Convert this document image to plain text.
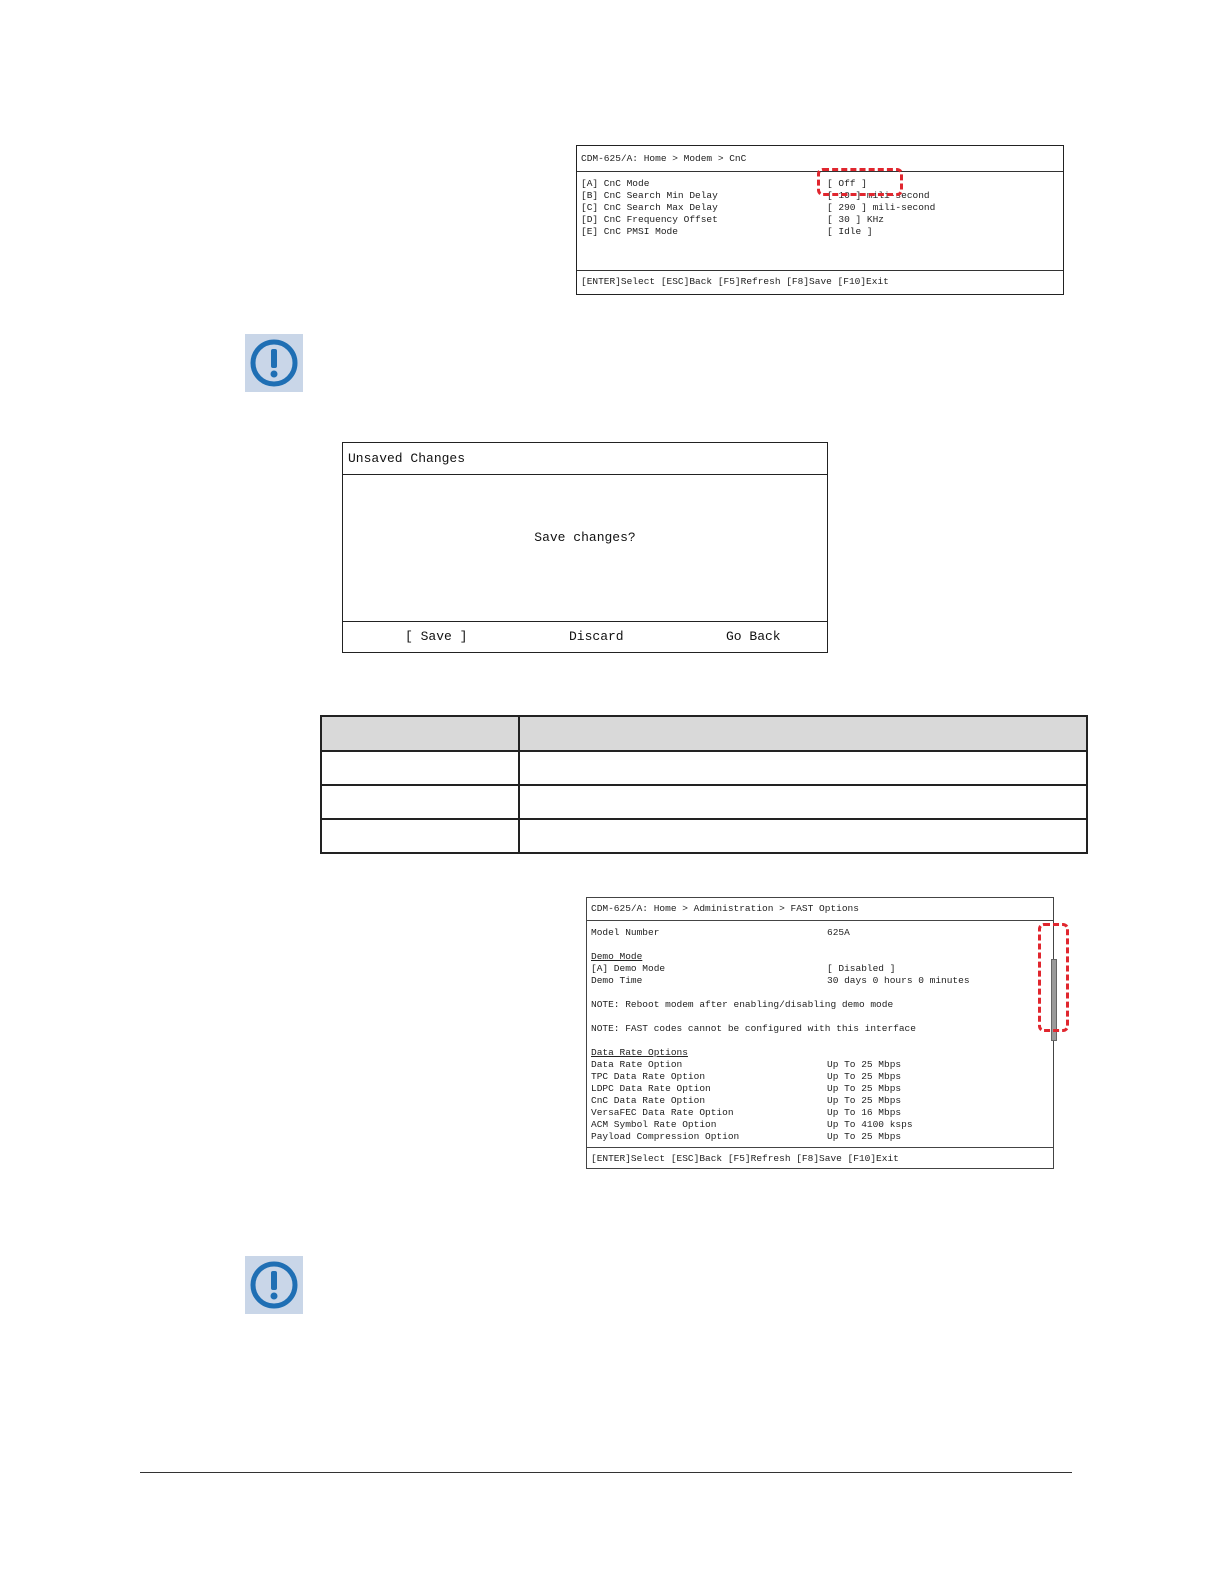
CDM-625/A: Home > Modem > CnC
[A] CnC Mode	[ Off ]
[B] CnC Search Min Delay	[ 10 ] mili-second
[C] CnC Search Max Delay	[ 290 ] mili-second
[D] CnC Frequency Offset	[ 30 ] KHz
[E] CnC PMSI Mode	[ Idle ]
[ENTER]Select [ESC]Back [F5]Refresh [F8]Save [F10]Exit
Unsaved Changes
Save changes?
[ Save ]	Discard	Go Back

CDM-625/A: Home > Administration > FAST Options
Model Number	625A
Demo Mode
[A] Demo Mode	[ Disabled ]
Demo Time	30 days 0 hours 0 minutes
NOTE: Reboot modem after enabling/disabling demo mode
NOTE: FAST codes cannot be configured with this interface
Data Rate Options
Data Rate Option	Up To 25 Mbps
TPC Data Rate Option	Up To 25 Mbps
LDPC Data Rate Option	Up To 25 Mbps
CnC Data Rate Option	Up To 25 Mbps
VersaFEC Data Rate Option	Up To 16 Mbps
ACM Symbol Rate Option	Up To 4100 ksps
Payload Compression Option	Up To 25 Mbps
[ENTER]Select [ESC]Back [F5]Refresh [F8]Save [F10]Exit
